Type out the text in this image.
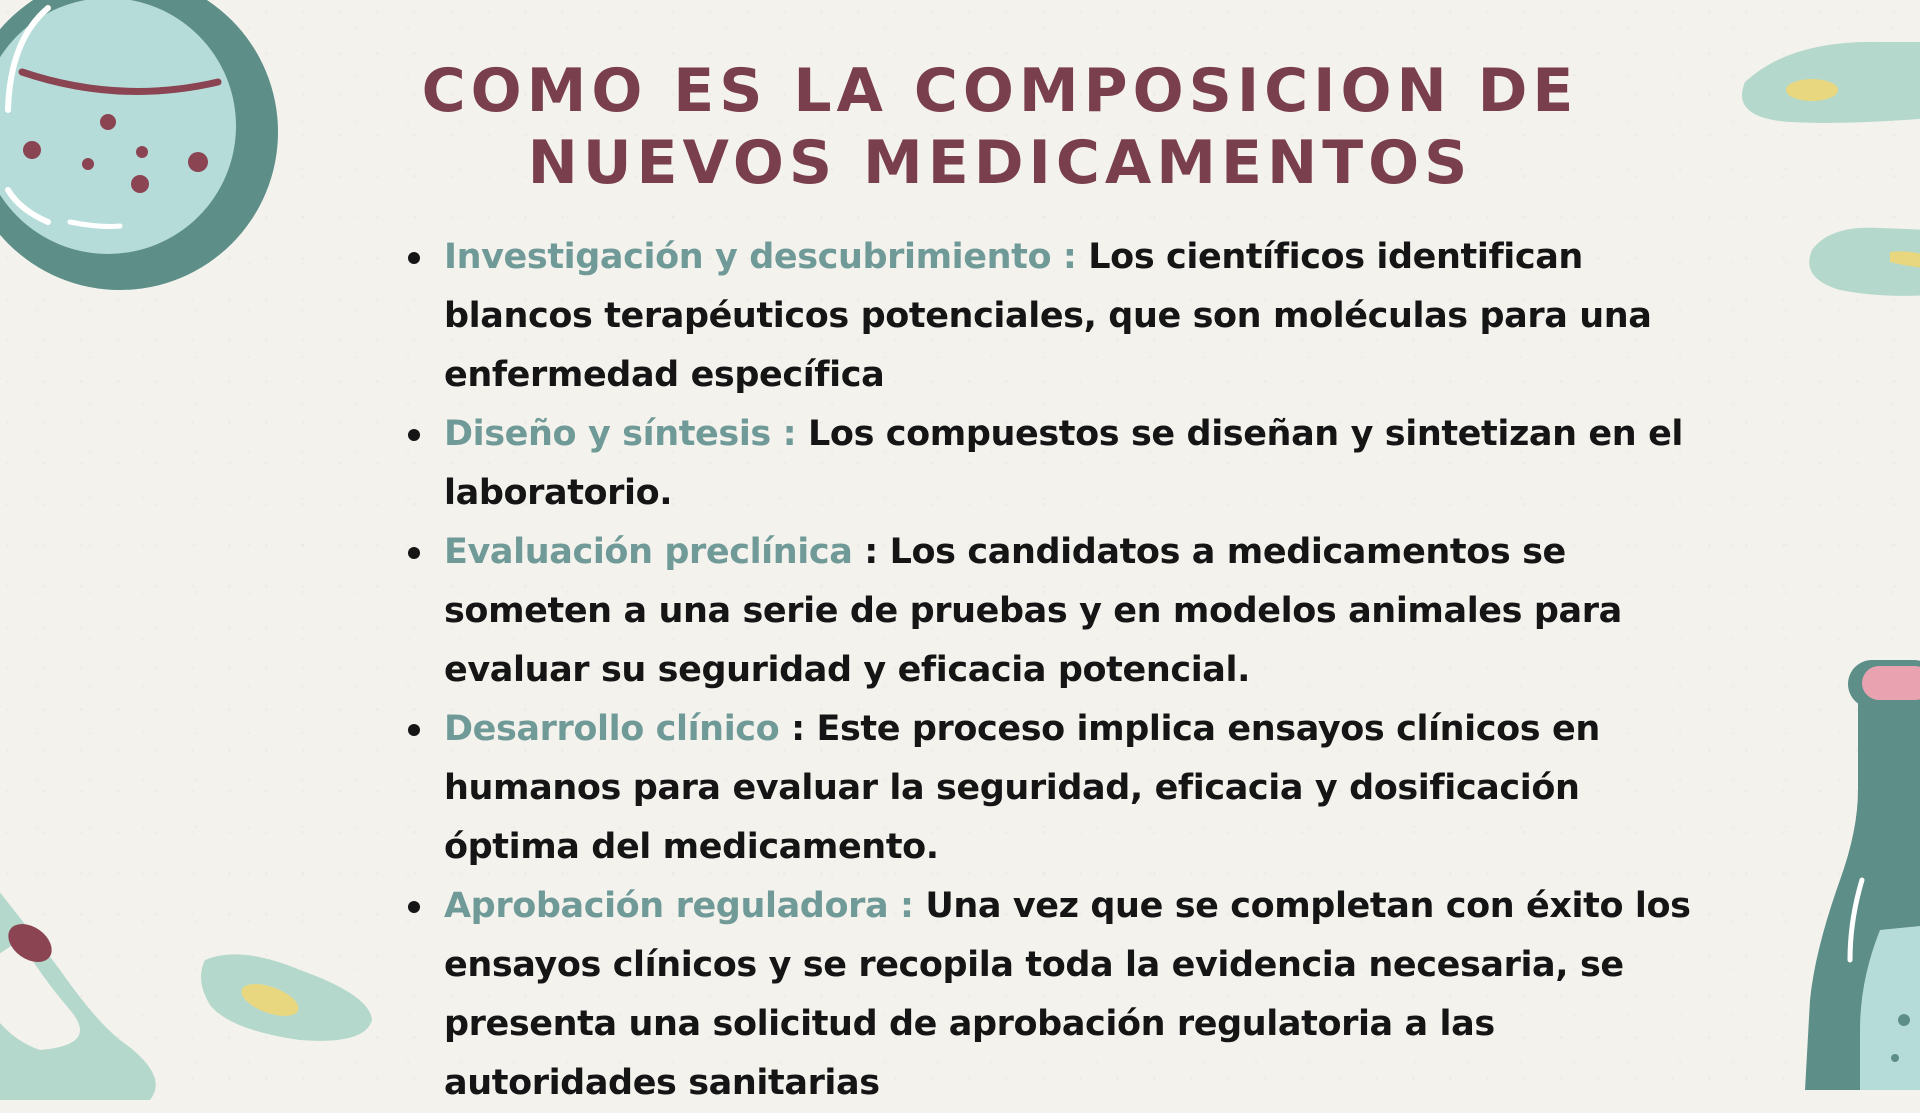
COMO ES LA COMPOSICION DE NUEVOS MEDICAMENTOS
Investigación y descubrimiento : Los científicos identifican blancos terapéuticos potenciales, que son moléculas para una enfermedad específica
Diseño y síntesis : Los compuestos se diseñan y sintetizan en el laboratorio.
Evaluación preclínica : Los candidatos a medicamentos se someten a una serie de pruebas y en modelos animales para evaluar su seguridad y eficacia potencial.
Desarrollo clínico : Este proceso implica ensayos clínicos en humanos para evaluar la seguridad, eficacia y dosificación óptima del medicamento.
Aprobación reguladora : Una vez que se completan con éxito los ensayos clínicos y se recopila toda la evidencia necesaria, se presenta una solicitud de aprobación regulatoria a las autoridades sanitarias
